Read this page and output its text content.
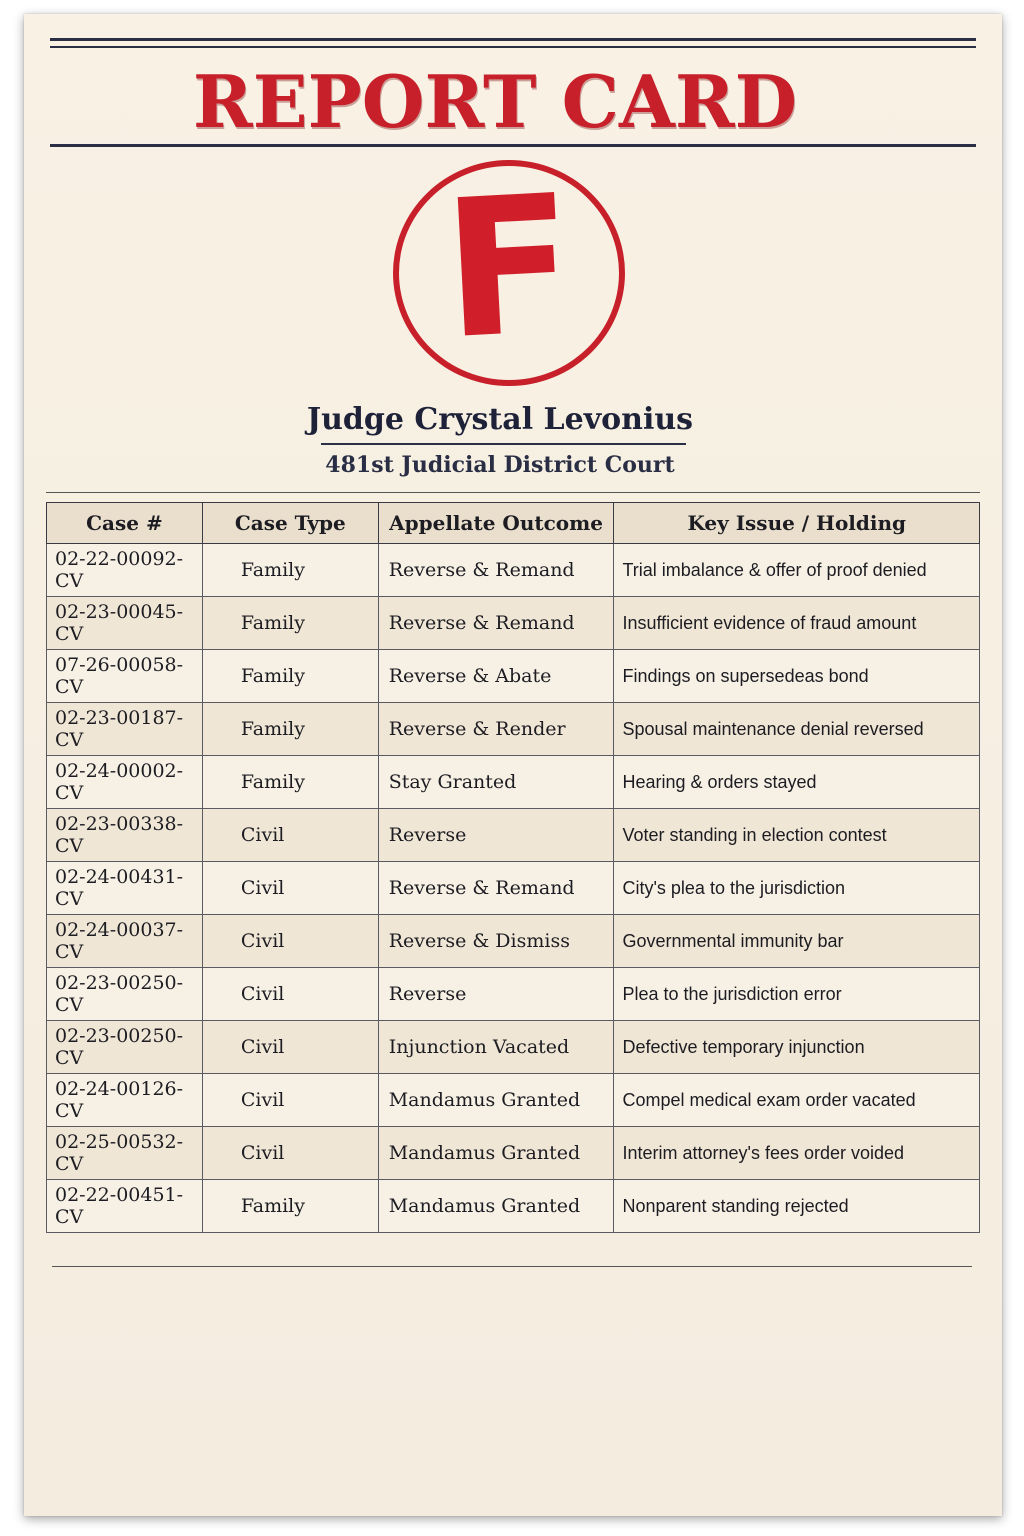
REPORT CARD
F
Judge Crystal Levonius
481st Judicial District Court
Case #	Case Type	Appellate Outcome	Key Issue / Holding
02-22-00092-CV	Family	Reverse & Remand	Trial imbalance & offer of proof denied
02-23-00045-CV	Family	Reverse & Remand	Insufficient evidence of fraud amount
07-26-00058-CV	Family	Reverse & Abate	Findings on supersedeas bond
02-23-00187-CV	Family	Reverse & Render	Spousal maintenance denial reversed
02-24-00002-CV	Family	Stay Granted	Hearing & orders stayed
02-23-00338-CV	Civil	Reverse	Voter standing in election contest
02-24-00431-CV	Civil	Reverse & Remand	City's plea to the jurisdiction
02-24-00037-CV	Civil	Reverse & Dismiss	Governmental immunity bar
02-23-00250-CV	Civil	Reverse	Plea to the jurisdiction error
02-23-00250-CV	Civil	Injunction Vacated	Defective temporary injunction
02-24-00126-CV	Civil	Mandamus Granted	Compel medical exam order vacated
02-25-00532-CV	Civil	Mandamus Granted	Interim attorney's fees order voided
02-22-00451-CV	Family	Mandamus Granted	Nonparent standing rejected
